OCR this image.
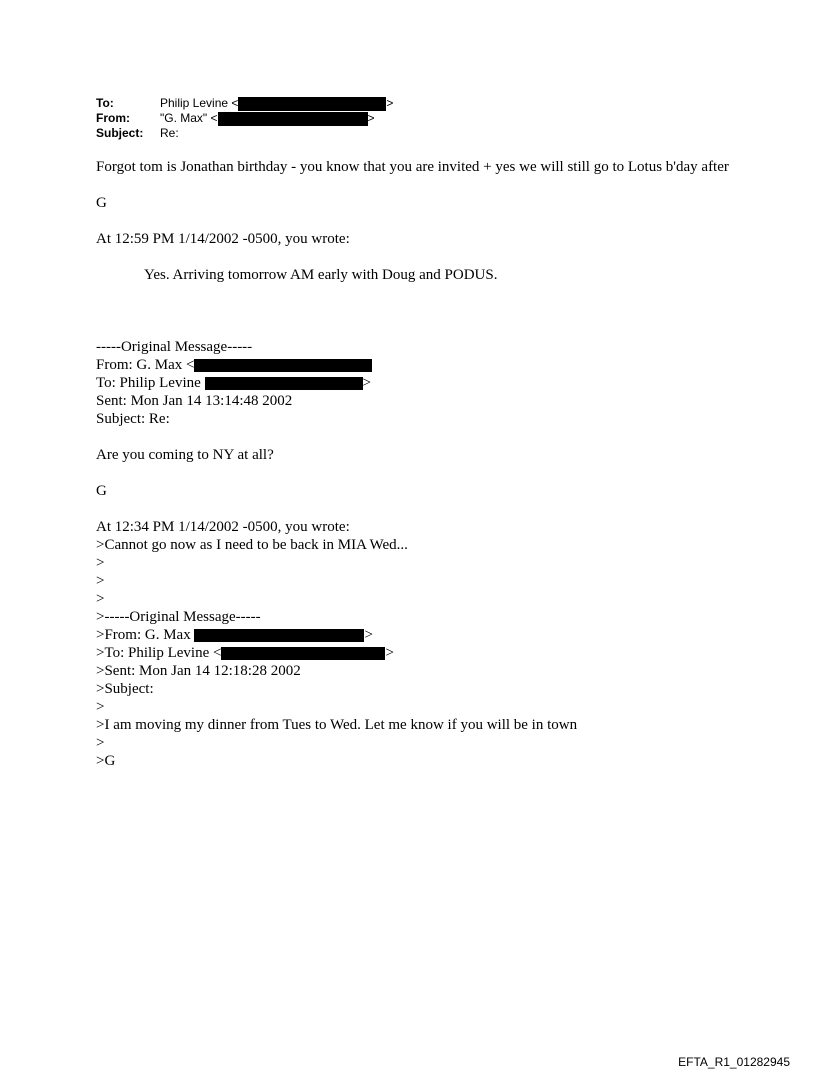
To:	Philip Levine <	>
From:	"G. Max" <	>
Subject:	Re:
Forgot tom is Jonathan birthday - you know that you are invited + yes we will still go to Lotus b'day after
G
At 12:59 PM 1/14/2002 -0500, you wrote:
Yes. Arriving tomorrow AM early with Doug and PODUS.
-----Original Message-----
From: G. Max <
To: Philip Levine	>
Sent: Mon Jan 14 13:14:48 2002
Subject: Re:
Are you coming to NY at all?
G
At 12:34 PM 1/14/2002 -0500, you wrote:
>Cannot go now as I need to be back in MIA Wed...
>
>
>
>-----Original Message-----
>From: G. Max	>
>To: Philip Levine <	>
>Sent: Mon Jan 14 12:18:28 2002
>Subject:
>
>I am moving my dinner from Tues to Wed. Let me know if you will be in town
>
>G
EFTA_R1_01282945
